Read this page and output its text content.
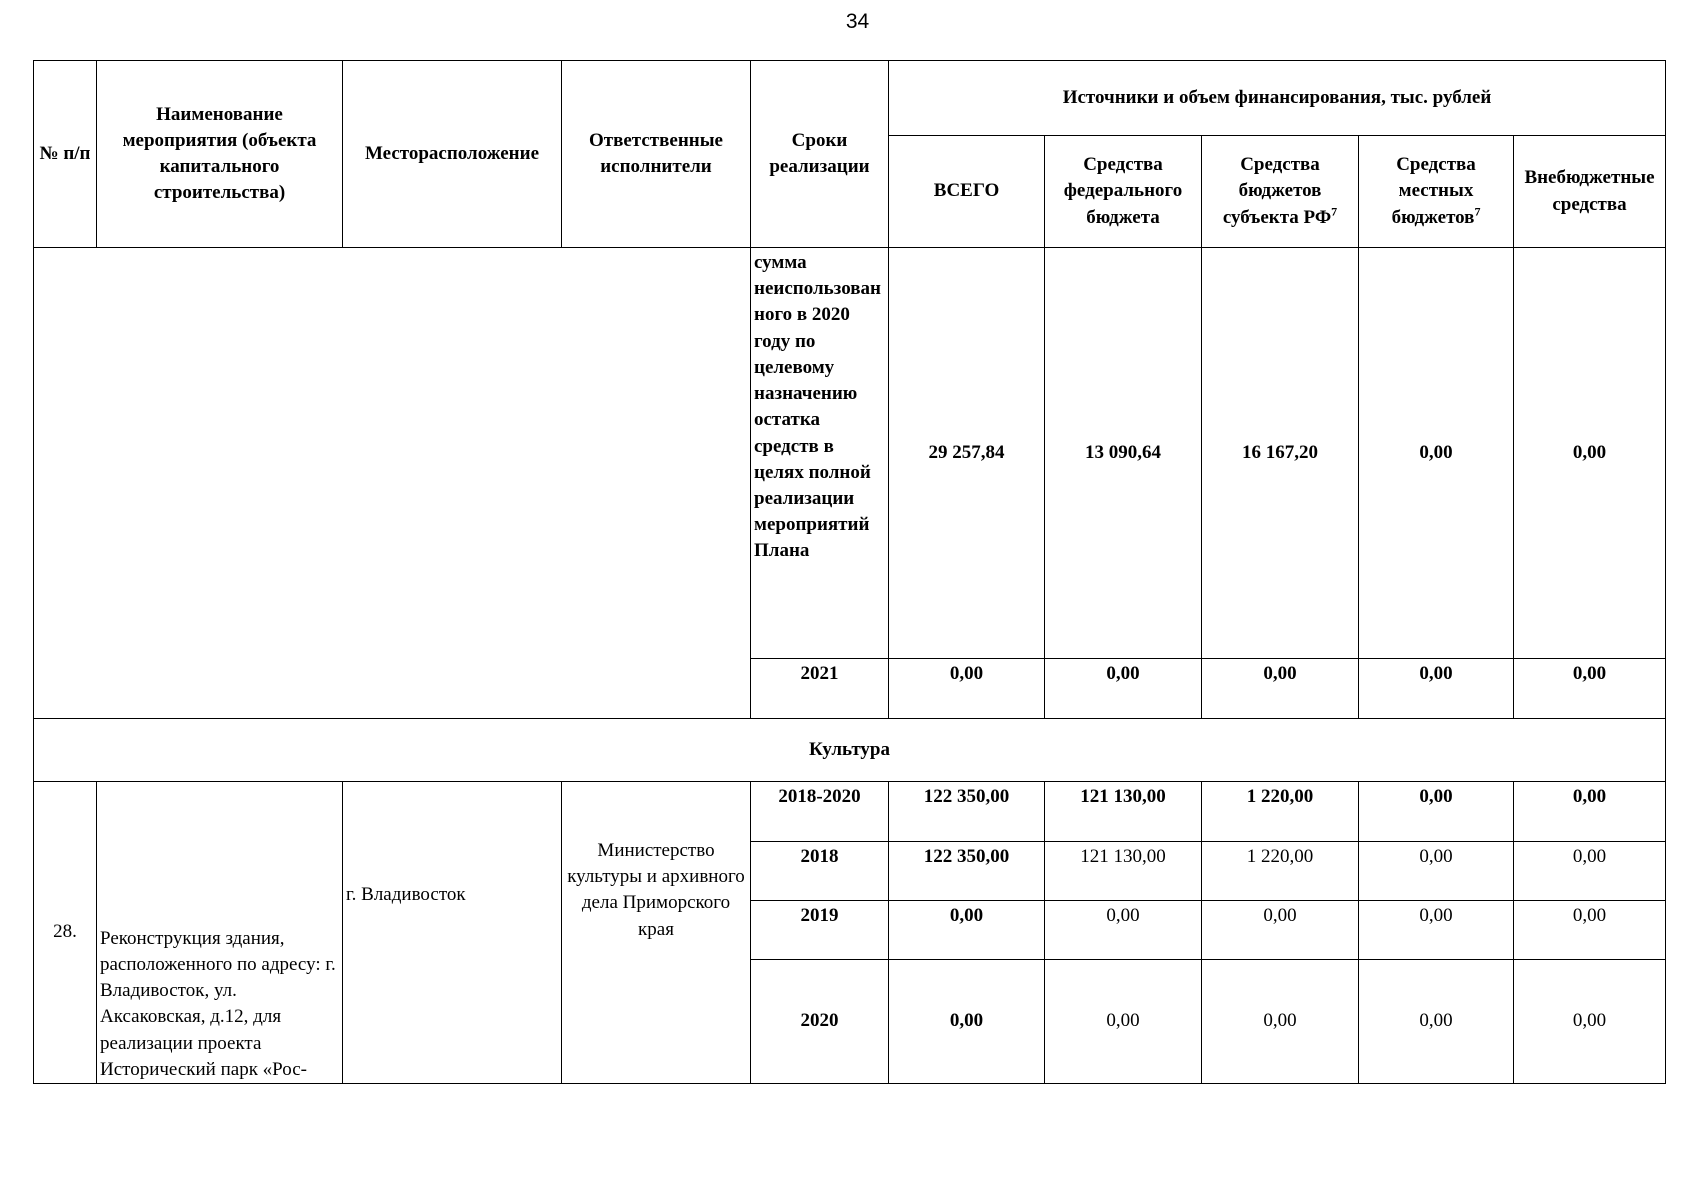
34
№ п/п	Наименование мероприятия (объекта капитального строительства)	Месторасположение	Ответственные исполнители	Сроки реализации	Источники и объем финансирования, тыс. рублей				
					ВСЕГО	Средства федерального бюджета	Средства бюджетов субъекта $РФ^7$	Средства местных бюджетов$^7$	Внебюджетные средства
				сумма неиспользованного в 2020 году по целевому назначению остатка средств в целях полной реализации мероприятий Плана	29 257,84	13 090,64	16 167,20	0,00	0,00
				2021	0,00	0,00	0,00	0,00	0,00
Культура									
28.	Реконструкция здания, расположенного по адресу: г. Владивосток, ул. Аксаковская, д.12, для реализации проекта Исторический парк «Рос-	г. Владивосток	Министерство культуры и архивного дела Приморского края	2018-2020	122 350,00	121 130,00	1 220,00	0,00	0,00
				2018	122 350,00	121 130,00	1 220,00	0,00	0,00
				2019	0,00	0,00	0,00	0,00	0,00
				2020	0,00	0,00	0,00	0,00	0,00
